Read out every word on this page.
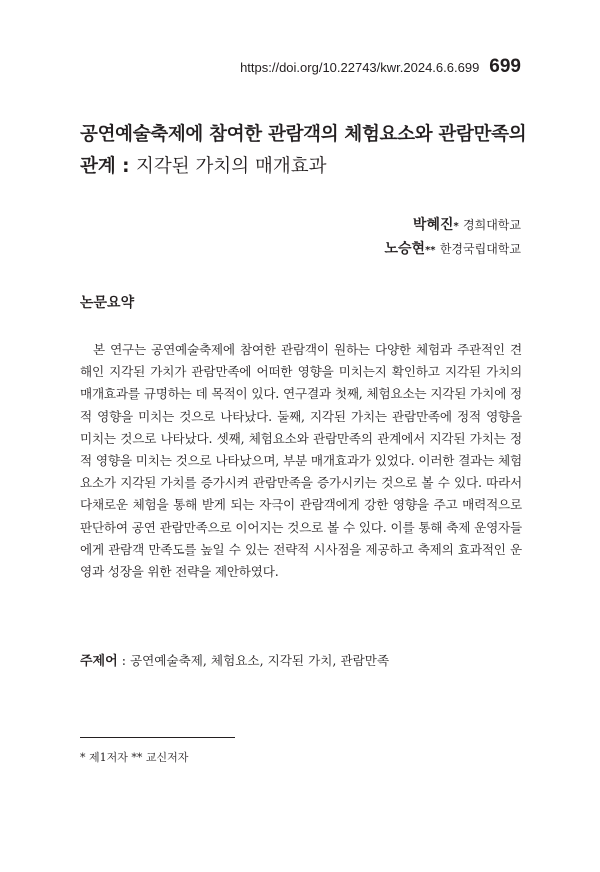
https://doi.org/10.22743/kwr.2024.6.6.699 699
공연예술축제에 참여한 관람객의 체험요소와 관람만족의
관계 : 지각된 가치의 매개효과
박혜진* 경희대학교
노승현** 한경국립대학교
논문요약

본 연구는 공연예술축제에 참여한 관람객이 원하는 다양한 체험과 주관적인 견해인 지각된 가치가 관람만족에 어떠한 영향을 미치는지 확인하고 지각된 가치의 매개효과를 규명하는 데 목적이 있다. 연구결과 첫째, 체험요소는 지각된 가치에 정적 영향을 미치는 것으로 나타났다. 둘째, 지각된 가치는 관람만족에 정적 영향을 미치는 것으로 나타났다. 셋째, 체험요소와 관람만족의 관계에서 지각된 가치는 정적 영향을 미치는 것으로 나타났으며, 부분 매개효과가 있었다. 이러한 결과는 체험요소가 지각된 가치를 증가시켜 관람만족을 증가시키는 것으로 볼 수 있다. 따라서 다채로운 체험을 통해 받게 되는 자극이 관람객에게 강한 영향을 주고 매력적으로 판단하여 공연 관람만족으로 이어지는 것으로 볼 수 있다. 이를 통해 축제 운영자들에게 관람객 만족도를 높일 수 있는 전략적 시사점을 제공하고 축제의 효과적인 운영과 성장을 위한 전략을 제안하였다.

주제어 : 공연예술축제, 체험요소, 지각된 가치, 관람만족
* 제1저자 ** 교신저자
